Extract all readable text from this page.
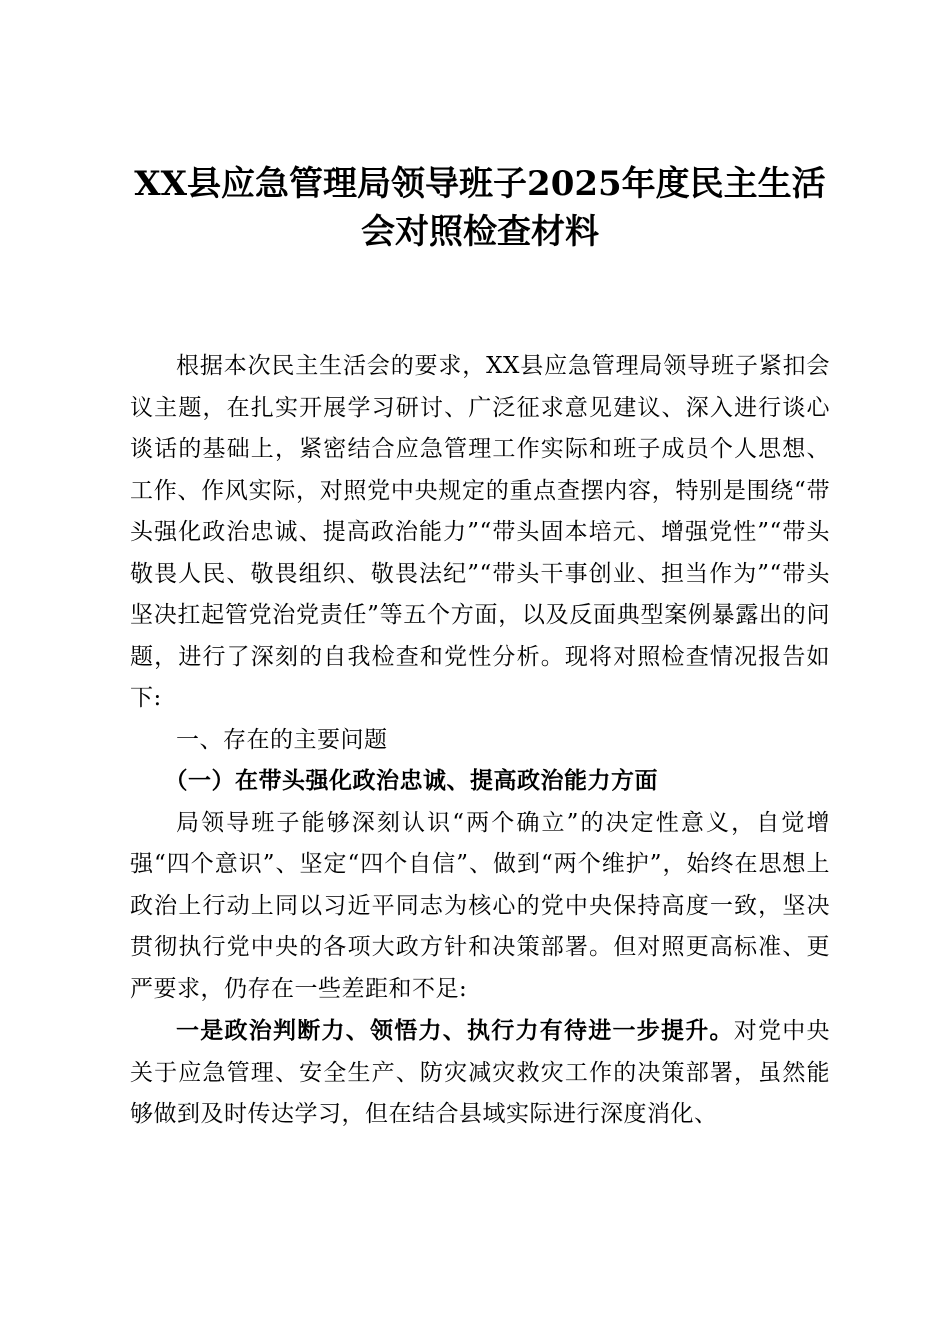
XX县应急管理局领导班子2025年度民主生活会对照检查材料

根据本次民主生活会的要求，XX县应急管理局领导班子紧扣会议主题，在扎实开展学习研讨、广泛征求意见建议、深入进行谈心谈话的基础上，紧密结合应急管理工作实际和班子成员个人思想、工作、作风实际，对照党中央规定的重点查摆内容，特别是围绕“带头强化政治忠诚、提高政治能力”“带头固本培元、增强党性”“带头敬畏人民、敬畏组织、敬畏法纪”“带头干事创业、担当作为”“带头坚决扛起管党治党责任”等五个方面，以及反面典型案例暴露出的问题，进行了深刻的自我检查和党性分析。现将对照检查情况报告如下:

一、存在的主要问题

（一）在带头强化政治忠诚、提高政治能力方面

局领导班子能够深刻认识“两个确立”的决定性意义，自觉增强“四个意识”、坚定“四个自信”、做到“两个维护”，始终在思想上政治上行动上同以习近平同志为核心的党中央保持高度一致，坚决贯彻执行党中央的各项大政方针和决策部署。但对照更高标准、更严要求，仍存在一些差距和不足:

一是政治判断力、领悟力、执行力有待进一步提升。对党中央关于应急管理、安全生产、防灾减灾救灾工作的决策部署，虽然能够做到及时传达学习，但在结合县域实际进行深度消化、
